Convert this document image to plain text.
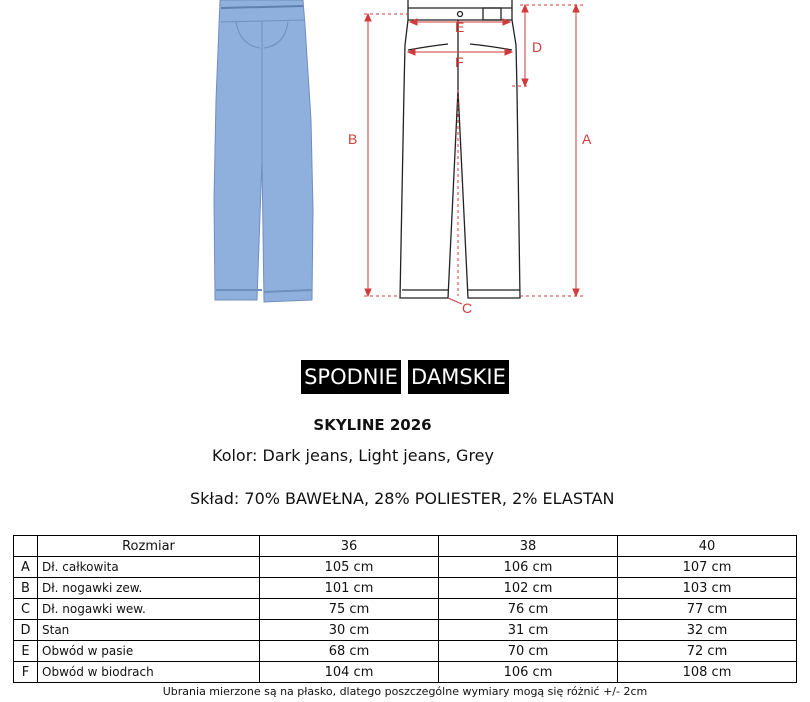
A
B
C
D
E
F
SPODNIE DAMSKIE
SKYLINE 2026
Kolor: Dark jeans, Light jeans, Grey
Skład: 70% BAWEŁNA, 28% POLIESTER, 2% ELASTAN
	Rozmiar	36	38	40
A	Dł. całkowita	105 cm	106 cm	107 cm
B	Dł. nogawki zew.	101 cm	102 cm	103 cm
C	Dł. nogawki wew.	75 cm	76 cm	77 cm
D	Stan	30 cm	31 cm	32 cm
E	Obwód w pasie	68 cm	70 cm	72 cm
F	Obwód w biodrach	104 cm	106 cm	108 cm
Ubrania mierzone są na płasko, dlatego poszczególne wymiary mogą się różnić +/- 2cm
